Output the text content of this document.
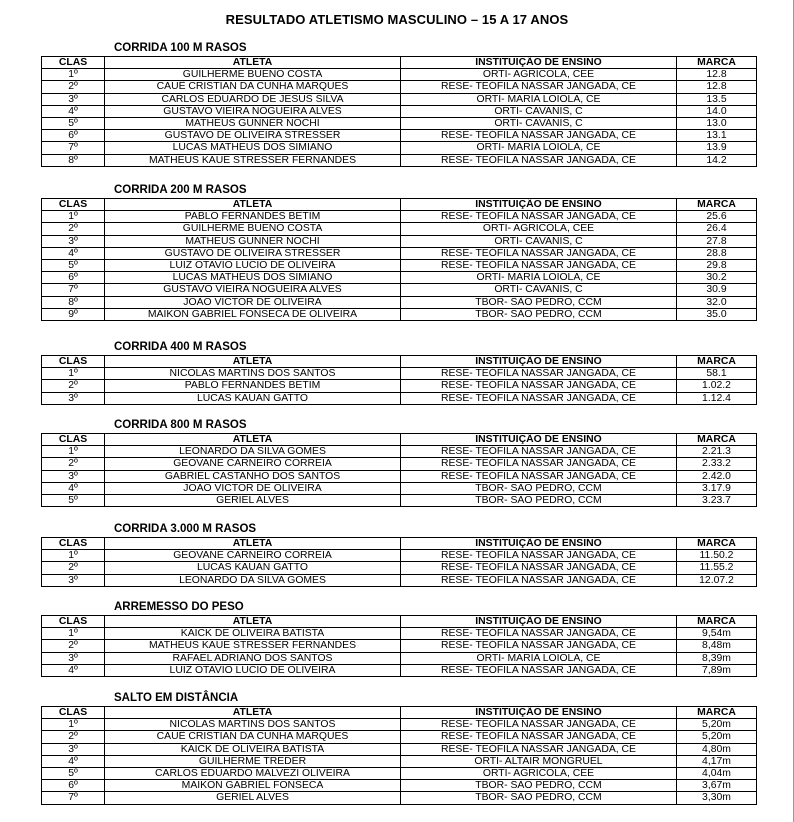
RESULTADO ATLETISMO MASCULINO – 15 A 17 ANOS
CORRIDA 100 M RASOS
CLAS	ATLETA	INSTITUIÇÃO DE ENSINO	MARCA
1º	GUILHERME BUENO COSTA	ORTI- AGRICOLA, CEE	12.8
2º	CAUÊ CRISTIAN DA CUNHA MARQUES	RESE- TEÓFILA NASSAR JANGADA, CE	12.8
3º	CARLOS EDUARDO DE JESUS SILVA	ORTI- MARIA LOIOLA, CE	13.5
4º	GUSTAVO VIEIRA NOGUEIRA ALVES	ORTI- CAVANIS, C	14.0
5º	MATHEUS GUNNER NOCHI	ORTI- CAVANIS, C	13.0
6º	GUSTAVO DE OLIVEIRA STRESSER	RESE- TEÓFILA NASSAR JANGADA, CE	13.1
7º	LUCAS MATHEUS DOS SIMIANO	ORTI- MARIA LOIOLA, CE	13.9
8º	MATHEUS KAUE STRESSER FERNANDES	RESE- TEÓFILA NASSAR JANGADA, CE	14.2
CORRIDA 200 M RASOS
CLAS	ATLETA	INSTITUIÇÃO DE ENSINO	MARCA
1º	PABLO FERNANDES BETIM	RESE- TEÓFILA NASSAR JANGADA, CE	25.6
2º	GUILHERME BUENO COSTA	ORTI- AGRICOLA, CEE	26.4
3º	MATHEUS GUNNER NOCHI	ORTI- CAVANIS, C	27.8
4º	GUSTAVO DE OLIVEIRA STRESSER	RESE- TEÓFILA NASSAR JANGADA, CE	28.8
5º	LUIZ OTAVIO LUCIO DE OLIVEIRA	RESE- TEÓFILA NASSAR JANGADA, CE	29.8
6º	LUCAS MATHEUS DOS SIMIANO	ORTI- MARIA LOIOLA, CE	30.2
7º	GUSTAVO VIEIRA NOGUEIRA ALVES	ORTI- CAVANIS, C	30.9
8º	JOÃO VICTOR DE OLIVEIRA	TBOR- SÃO PEDRO, CCM	32.0
9º	MAIKON GABRIEL FONSECA DE OLIVEIRA	TBOR- SÃO PEDRO, CCM	35.0
CORRIDA 400 M RASOS
CLAS	ATLETA	INSTITUIÇÃO DE ENSINO	MARCA
1º	NICOLAS MARTINS DOS SANTOS	RESE- TEÓFILA NASSAR JANGADA, CE	58.1
2º	PABLO FERNANDES BETIM	RESE- TEÓFILA NASSAR JANGADA, CE	1.02.2
3º	LUCAS KAUAN GATTO	RESE- TEÓFILA NASSAR JANGADA, CE	1.12.4
CORRIDA 800 M RASOS
CLAS	ATLETA	INSTITUIÇÃO DE ENSINO	MARCA
1º	LEONARDO DA SILVA GOMES	RESE- TEÓFILA NASSAR JANGADA, CE	2.21.3
2º	GEOVANE CARNEIRO CORREIA	RESE- TEÓFILA NASSAR JANGADA, CE	2.33.2
3º	GABRIEL CASTANHO DOS SANTOS	RESE- TEÓFILA NASSAR JANGADA, CE	2.42.0
4º	JOÃO VICTOR DE OLIVEIRA	TBOR- SÃO PEDRO, CCM	3.17.9
5º	GERIEL ALVES	TBOR- SÃO PEDRO, CCM	3.23.7
CORRIDA 3.000 M RASOS
CLAS	ATLETA	INSTITUIÇÃO DE ENSINO	MARCA
1º	GEOVANE CARNEIRO CORREIA	RESE- TEÓFILA NASSAR JANGADA, CE	11.50.2
2º	LUCAS KAUAN GATTO	RESE- TEÓFILA NASSAR JANGADA, CE	11.55.2
3º	LEONARDO DA SILVA GOMES	RESE- TEÓFILA NASSAR JANGADA, CE	12.07.2
ARREMESSO DO PESO
CLAS	ATLETA	INSTITUIÇÃO DE ENSINO	MARCA
1º	KAICK DE OLIVEIRA BATISTA	RESE- TEÓFILA NASSAR JANGADA, CE	9,54m
2º	MATHEUS KAUE STRESSER FERNANDES	RESE- TEÓFILA NASSAR JANGADA, CE	8,48m
3º	RAFAEL ADRIANO DOS SANTOS	ORTI- MARIA LOIOLA, CE	8,39m
4º	LUIZ OTAVIO LUCIO DE OLIVEIRA	RESE- TEÓFILA NASSAR JANGADA, CE	7,89m
SALTO EM DISTÂNCIA
CLAS	ATLETA	INSTITUIÇÃO DE ENSINO	MARCA
1º	NICOLAS MARTINS DOS SANTOS	RESE- TEÓFILA NASSAR JANGADA, CE	5,20m
2º	CAUÊ CRISTIAN DA CUNHA MARQUES	RESE- TEÓFILA NASSAR JANGADA, CE	5,20m
3º	KAICK DE OLIVEIRA BATISTA	RESE- TEÓFILA NASSAR JANGADA, CE	4,80m
4º	GUILHERME TREDER	ORTI- ALTAIR MONGRUEL	4,17m
5º	CARLOS EDUARDO MALVEZI OLIVEIRA	ORTI- AGRICOLA, CEE	4,04m
6º	MAIKON GABRIEL FONSECA	TBOR- SÃO PEDRO, CCM	3,67m
7º	GERIEL ALVES	TBOR- SÃO PEDRO, CCM	3,30m
